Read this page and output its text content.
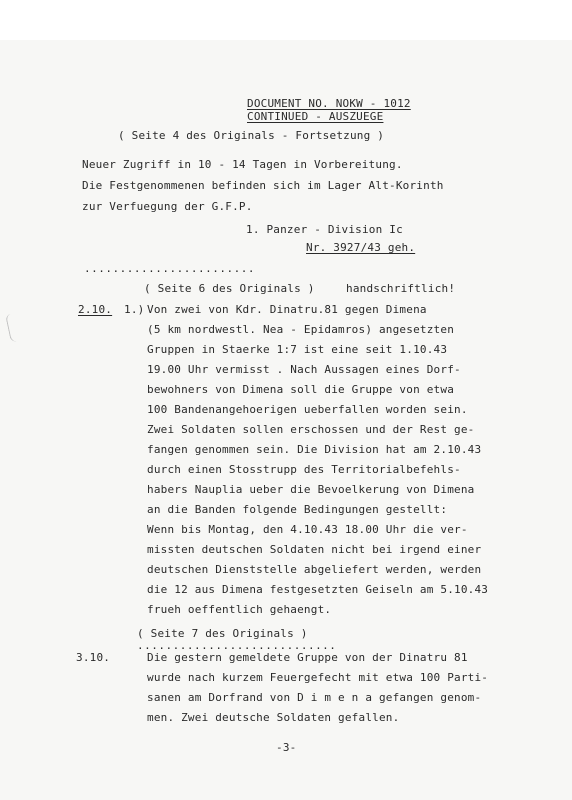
DOCUMENT NO. NOKW - 1012
CONTINUED - AUSZUEGE
( Seite 4 des Originals - Fortsetzung )
Neuer Zugriff in 10 - 14 Tagen in Vorbereitung.
Die Festgenommenen befinden sich im Lager Alt-Korinth
zur Verfuegung der G.F.P.
1. Panzer - Division Ic
Nr. 3927/43 geh.
........................
( Seite 6 des Originals )	handschriftlich!
2.10. 1.) Von zwei von Kdr. Dinatru.81 gegen Dimena
(5 km nordwestl. Nea - Epidamros) angesetzten
Gruppen in Staerke 1:7 ist eine seit 1.10.43
19.00 Uhr vermisst . Nach Aussagen eines Dorf-
bewohners von Dimena soll die Gruppe von etwa
100 Bandenangehoerigen ueberfallen worden sein.
Zwei Soldaten sollen erschossen und der Rest ge-
fangen genommen sein. Die Division hat am 2.10.43
durch einen Stosstrupp des Territorialbefehls-
habers Nauplia ueber die Bevoelkerung von Dimena
an die Banden folgende Bedingungen gestellt:
Wenn bis Montag, den 4.10.43 18.00 Uhr die ver-
missten deutschen Soldaten nicht bei irgend einer
deutschen Dienststelle abgeliefert werden, werden
die 12 aus Dimena festgesetzten Geiseln am 5.10.43
frueh oeffentlich gehaengt.
( Seite 7 des Originals )
............................
3.10.	Die gestern gemeldete Gruppe von der Dinatru 81
wurde nach kurzem Feuergefecht mit etwa 100 Parti-
sanen am Dorfrand von D i m e n a gefangen genom-
men. Zwei deutsche Soldaten gefallen.
-3-
